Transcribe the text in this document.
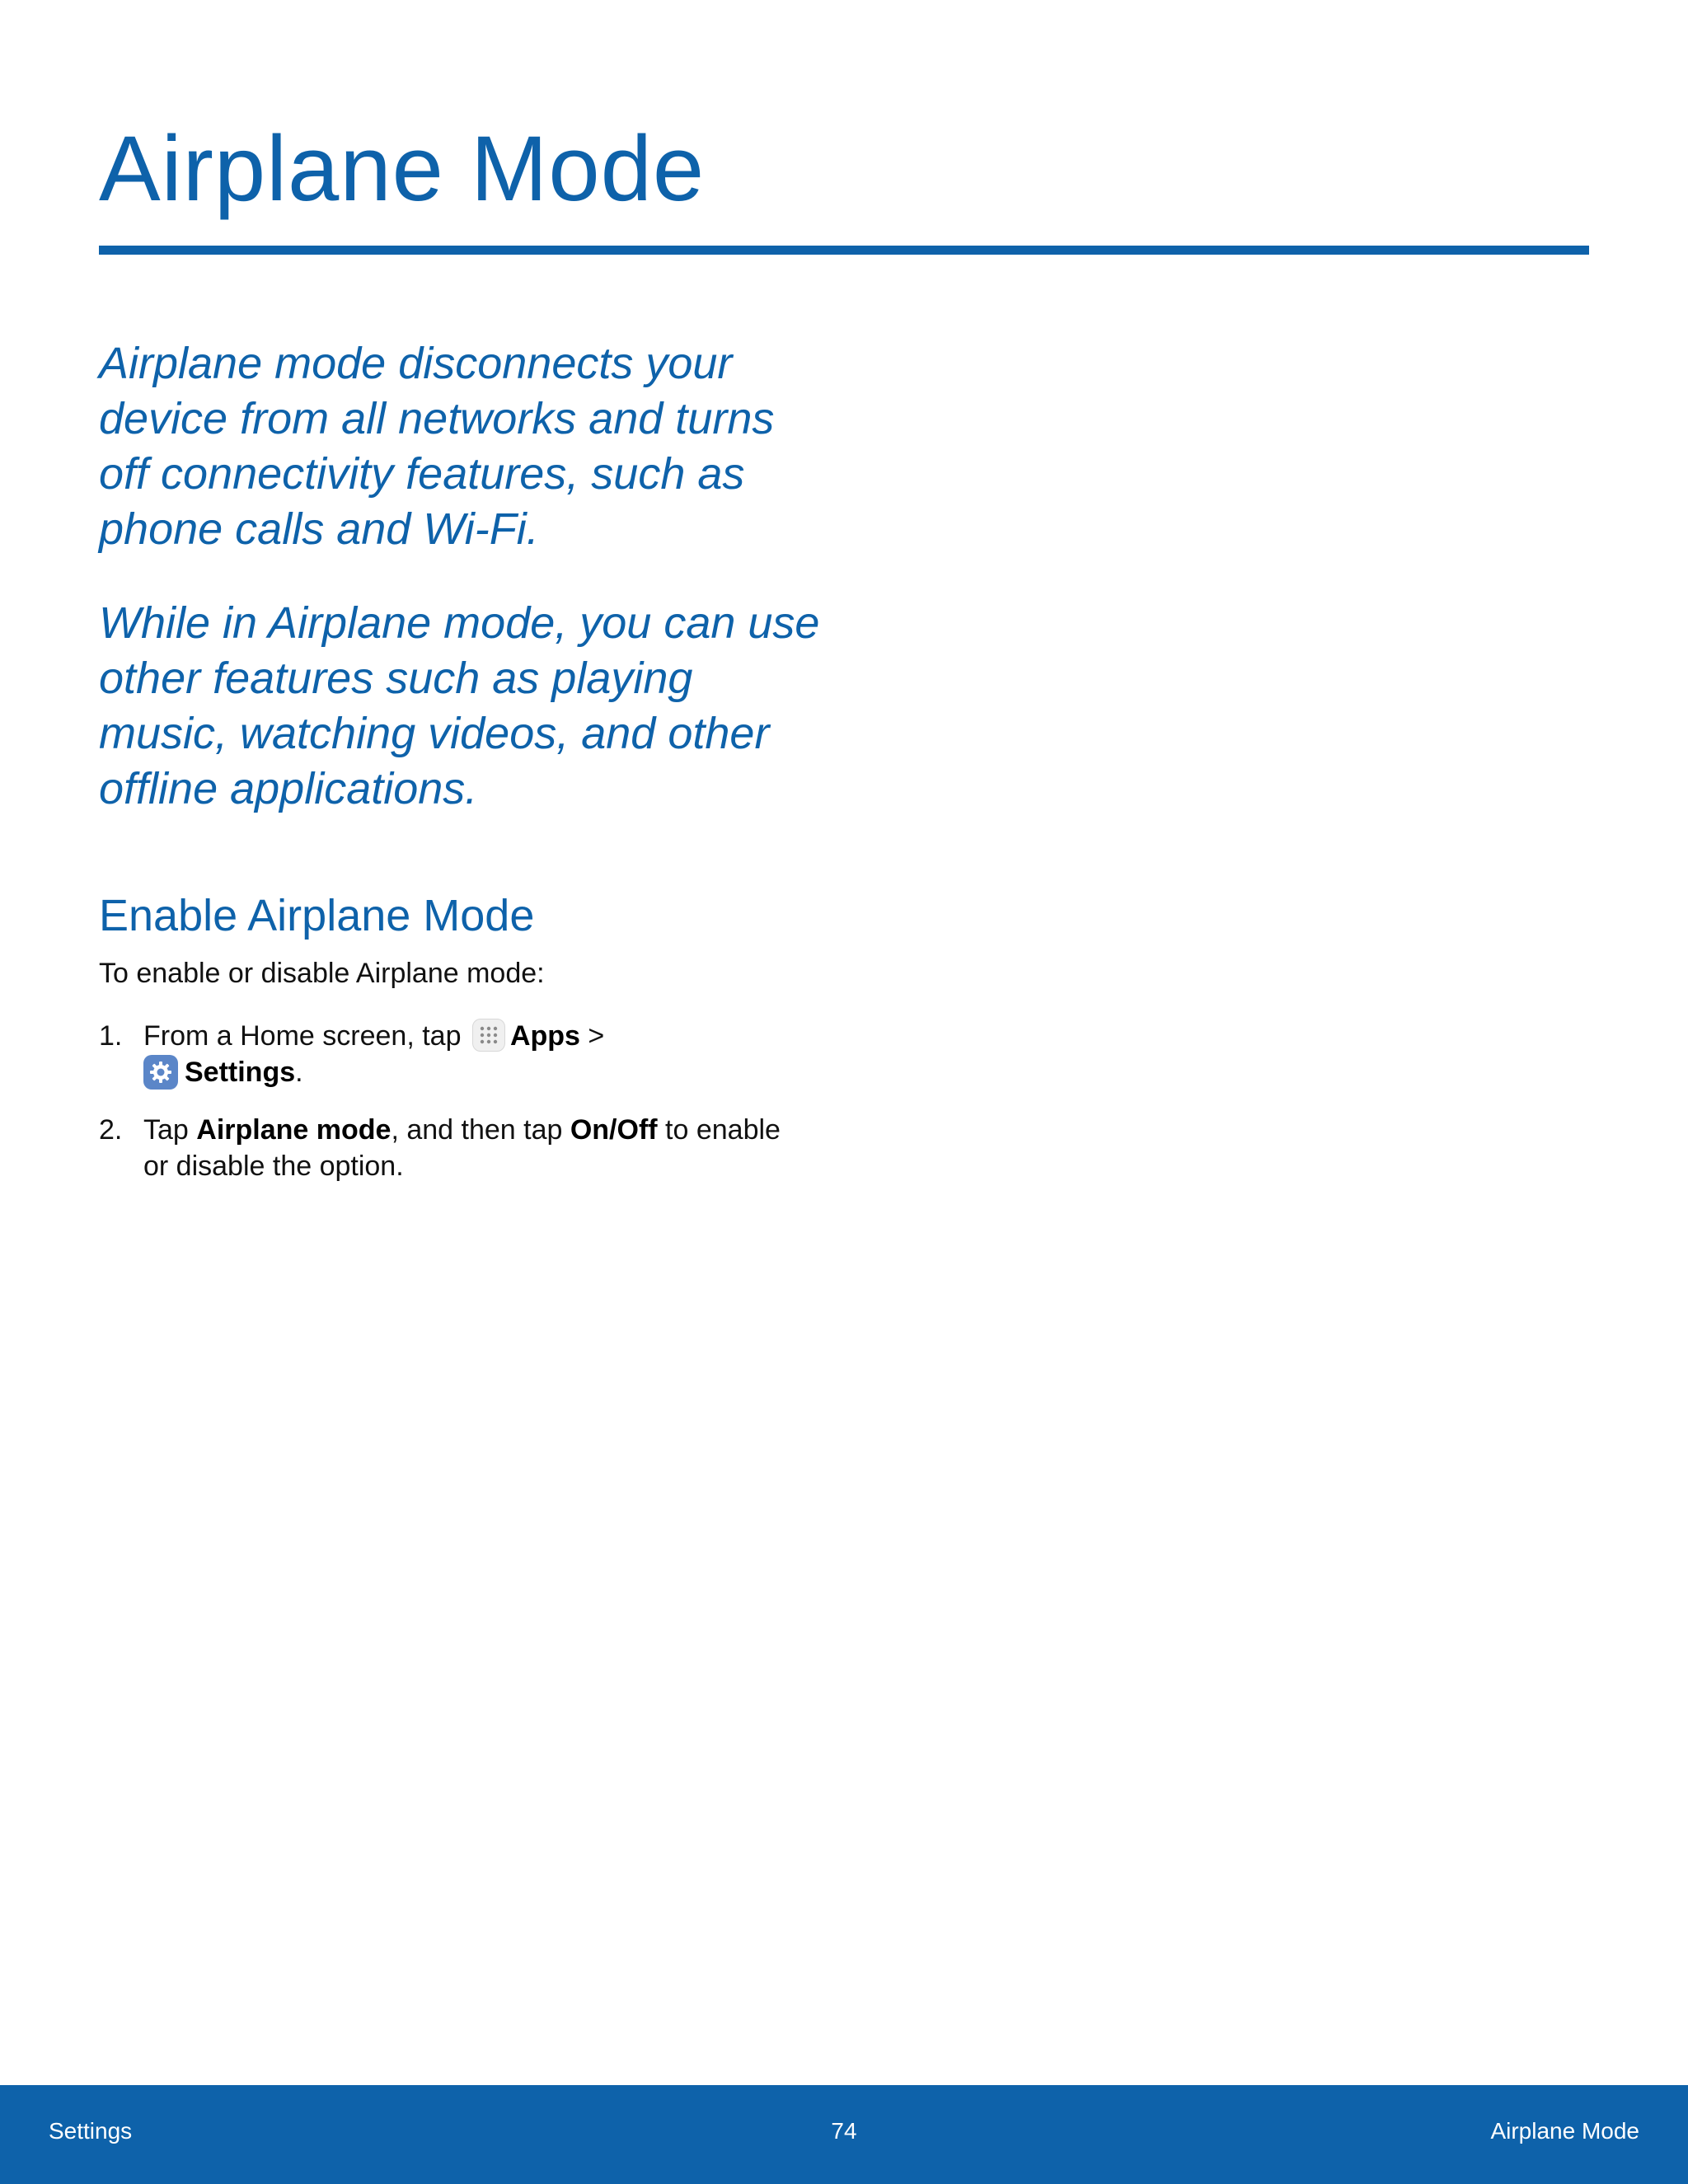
Airplane Mode

Airplane mode disconnects your device from all networks and turns off connectivity features, such as phone calls and Wi-Fi.

While in Airplane mode, you can use other features such as playing music, watching videos, and other offline applications.

Enable Airplane Mode

To enable or disable Airplane mode:

1. From a Home screen, tap Apps >

Settings.
2. Tap Airplane mode, and then tap On/Off to enable or disable the option.
Settings	74	Airplane Mode
